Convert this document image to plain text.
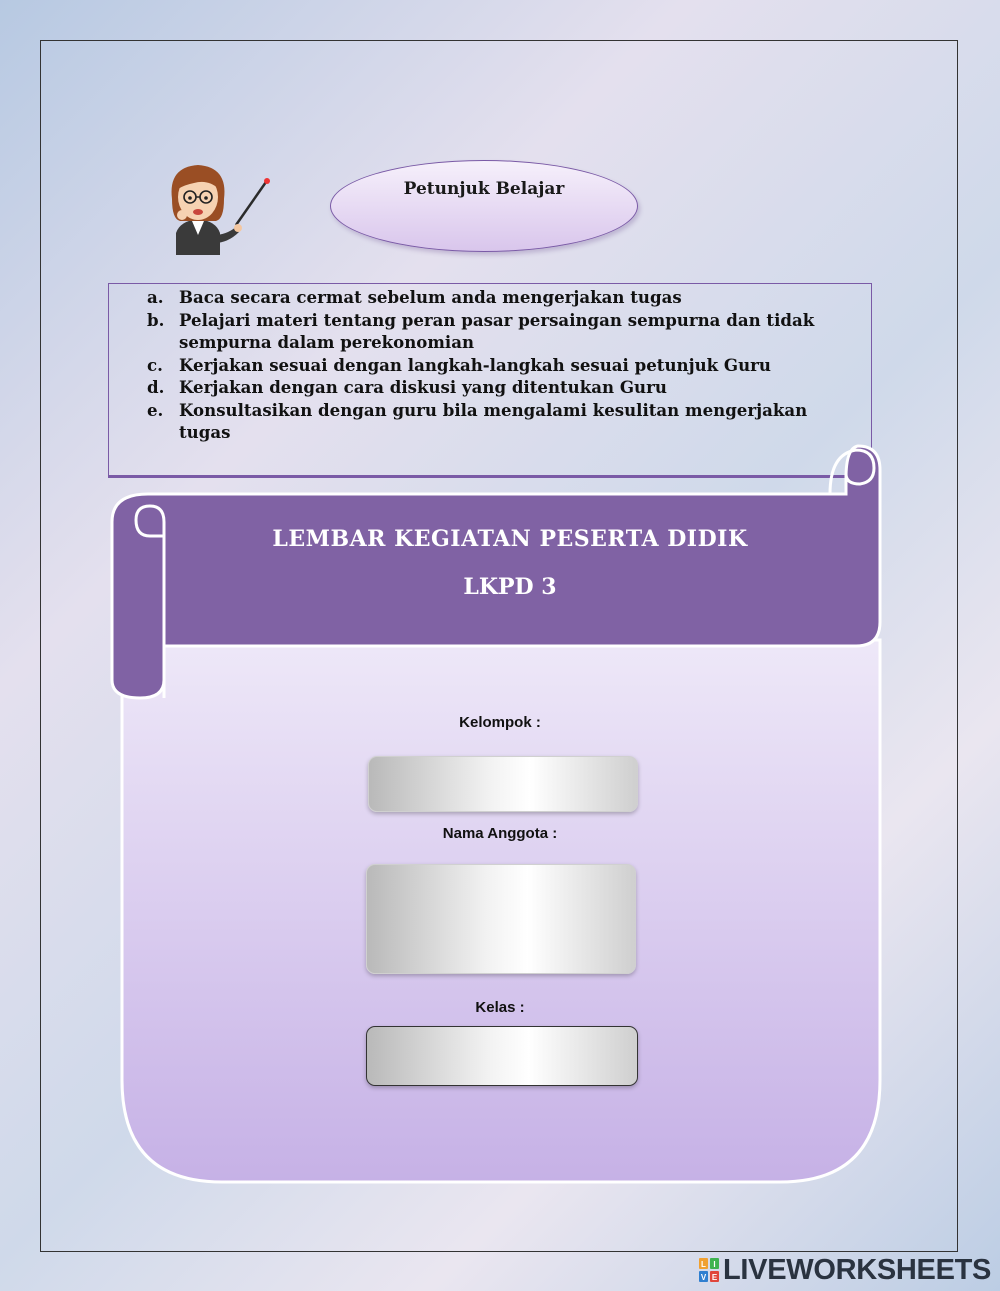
Petunjuk Belajar
a. Baca secara cermat sebelum anda mengerjakan tugas
b. Pelajari materi tentang peran pasar persaingan sempurna dan tidak sempurna dalam perekonomian
c. Kerjakan sesuai dengan langkah-langkah sesuai petunjuk Guru
d. Kerjakan dengan cara diskusi yang ditentukan Guru
e. Konsultasikan dengan guru bila mengalami kesulitan mengerjakan tugas
LEMBAR KEGIATAN PESERTA DIDIK
LKPD 3
Kelompok :
Nama Anggota :
Kelas :
L I
V E LIVEWORKSHEETS
